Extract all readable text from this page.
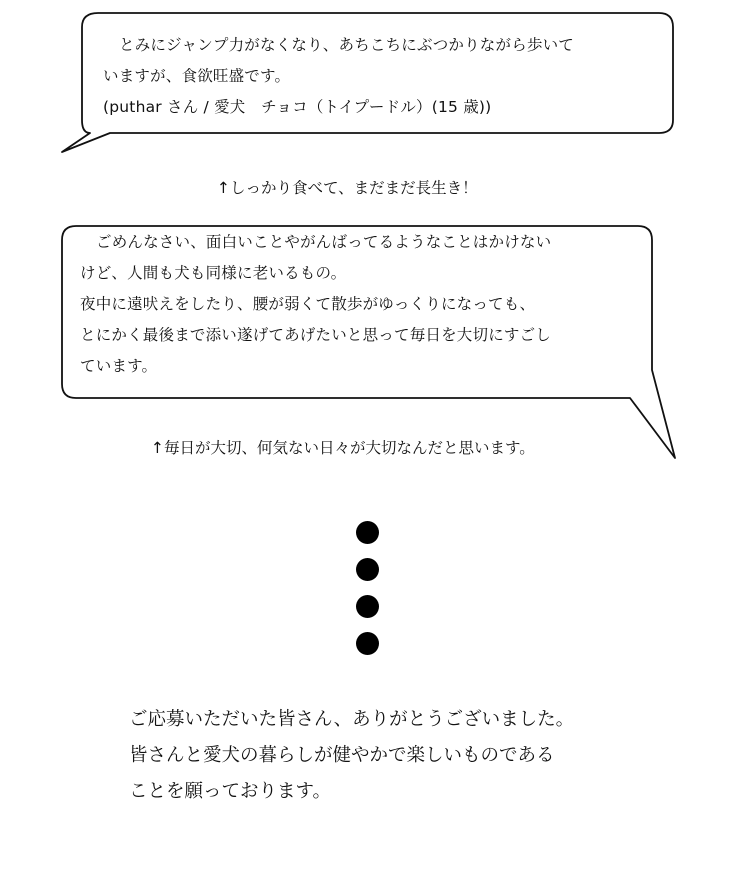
とみにジャンプ力がなくなり、あちこちにぶつかりながら歩いて
いますが、食欲旺盛です。
(puthar さん / 愛犬　チョコ（トイプードル）(15 歳))
↑しっかり食べて、まだまだ長生き！
ごめんなさい、面白いことやがんばってるようなことはかけない
けど、人間も犬も同様に老いるもの。
夜中に遠吠えをしたり、腰が弱くて散歩がゆっくりになっても、
とにかく最後まで添い遂げてあげたいと思って毎日を大切にすごし
ています。
↑毎日が大切、何気ない日々が大切なんだと思います。
ご応募いただいた皆さん、ありがとうございました。
皆さんと愛犬の暮らしが健やかで楽しいものである
ことを願っております。
